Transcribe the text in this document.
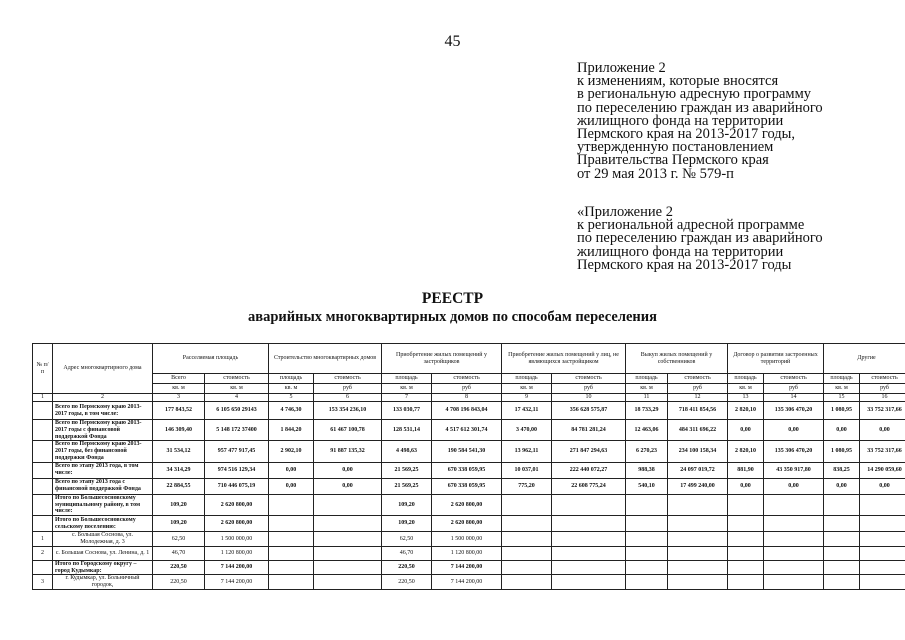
45
Приложение 2
к изменениям, которые вносятся
в региональную адресную программу
по переселению граждан из аварийного
жилищного фонда на территории
Пермского края на 2013-2017 годы,
утвержденную постановлением
Правительства Пермского края
от 29 мая 2013 г. № 579-п
«Приложение 2
к региональной адресной программе
по переселению граждан из аварийного
жилищного фонда на территории
Пермского края на 2013-2017 годы
РЕЕСТР
аварийных многоквартирных домов по способам переселения
№ п/п	Адрес многоквартирного дома	Расселяемая площадь		Строительство многоквартирных домов		Приобретение жилых помещений у застройщиков		Приобретение жилых помещений у лиц, не являющихся застройщиком		Выкуп жилых помещений у собственников		Договор о развитии застроенных территорий		Другие	
		Всего	стоимость	площадь	стоимость	площадь	стоимость	площадь	стоимость	площадь	стоимость	площадь	стоимость	площадь	стоимость
		кв. м	кв. м	кв. м	руб	кв. м	руб	кв. м	руб	кв. м	руб	кв. м	руб	кв. м	руб
1	2	3	4	5	6	7	8	9	10	11	12	13	14	15	16
	Всего по Пермскому краю 2013-2017 годы, в том числе:	177 843,52	6 105 650 29143	4 746,30	153 354 236,10	133 030,77	4 708 196 843,04	17 432,11	356 628 575,87	18 733,29	718 411 854,56	2 820,10	135 306 470,20	1 080,95	33 752 317,66
	Всего по Пермскому краю 2013-2017 годы с финансовой поддержкой Фонда	146 309,40	5 148 172 37400	1 844,20	61 467 100,78	128 531,14	4 517 612 301,74	3 470,00	84 781 281,24	12 463,06	484 311 696,22	0,00	0,00	0,00	0,00
	Всего по Пермскому краю 2013-2017 годы, без финансовой поддержки Фонда	31 534,12	957 477 917,45	2 902,10	91 887 135,32	4 498,63	190 584 541,30	13 962,11	271 847 294,63	6 270,23	234 100 158,34	2 820,10	135 306 470,20	1 080,95	33 752 317,66
	Всего по этапу 2013 года, в том числе:	34 314,29	974 516 129,34	0,00	0,00	21 569,25	670 338 059,95	10 037,01	222 440 072,27	988,38	24 097 019,72	881,90	43 350 917,80	838,25	14 290 059,60
	Всего по этапу 2013 года с финансовой поддержкой Фонда	22 884,55	710 446 075,19	0,00	0,00	21 569,25	670 338 059,95	775,20	22 608 775,24	540,10	17 499 240,00	0,00	0,00	0,00	0,00
	Итого по Большесосновскому муниципальному району, в том числе:	109,20	2 620 800,00			109,20	2 620 800,00								
	Итого по Большесосновскому сельскому поселению:	109,20	2 620 800,00			109,20	2 620 800,00								
1	с. Большая Соснова, ул. Молодежная, д. 3	62,50	1 500 000,00			62,50	1 500 000,00								
2	с. Большая Соснова, ул. Ленина, д. 1	46,70	1 120 800,00			46,70	1 120 800,00								
	Итого по Городскому округу – город Кудымкар:	220,50	7 144 200,00			220,50	7 144 200,00								
3	г. Кудымкар, ул. Больничный городок,	220,50	7 144 200,00			220,50	7 144 200,00								
